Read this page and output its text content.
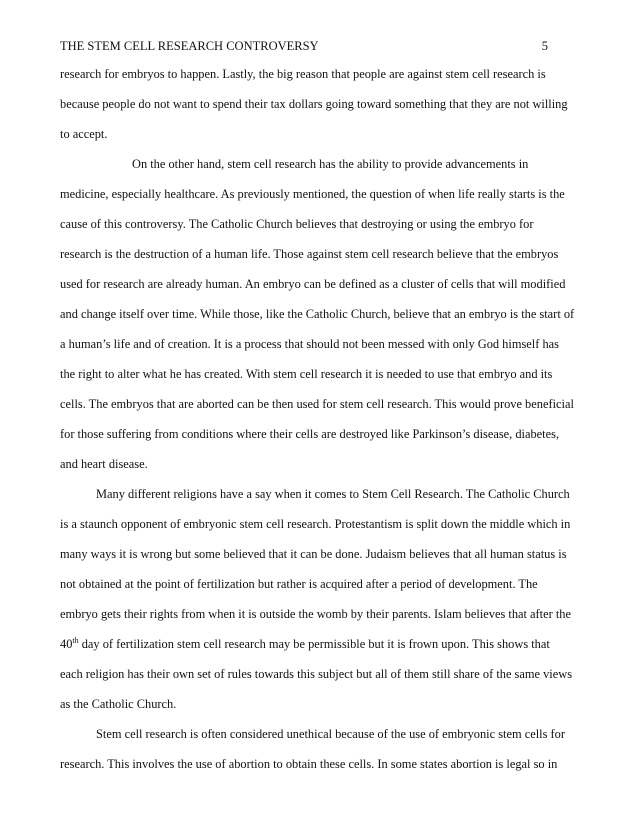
THE STEM CELL RESEARCH CONTROVERSY	5
research for embryos to happen. Lastly, the big reason that people are against stem cell research is
because people do not want to spend their tax dollars going toward something that they are not willing
to accept.
On the other hand, stem cell research has the ability to provide advancements in
medicine, especially healthcare. As previously mentioned, the question of when life really starts is the
cause of this controversy. The Catholic Church believes that destroying or using the embryo for
research is the destruction of a human life. Those against stem cell research believe that the embryos
used for research are already human. An embryo can be defined as a cluster of cells that will modified
and change itself over time. While those, like the Catholic Church, believe that an embryo is the start of
a human’s life and of creation. It is a process that should not been messed with only God himself has
the right to alter what he has created. With stem cell research it is needed to use that embryo and its
cells. The embryos that are aborted can be then used for stem cell research. This would prove beneficial
for those suffering from conditions where their cells are destroyed like Parkinson’s disease, diabetes,
and heart disease.
Many different religions have a say when it comes to Stem Cell Research. The Catholic Church
is a staunch opponent of embryonic stem cell research. Protestantism is split down the middle which in
many ways it is wrong but some believed that it can be done. Judaism believes that all human status is
not obtained at the point of fertilization but rather is acquired after a period of development. The
embryo gets their rights from when it is outside the womb by their parents. Islam believes that after the
40th day of fertilization stem cell research may be permissible but it is frown upon. This shows that
each religion has their own set of rules towards this subject but all of them still share of the same views
as the Catholic Church.
Stem cell research is often considered unethical because of the use of embryonic stem cells for
research. This involves the use of abortion to obtain these cells. In some states abortion is legal so in
